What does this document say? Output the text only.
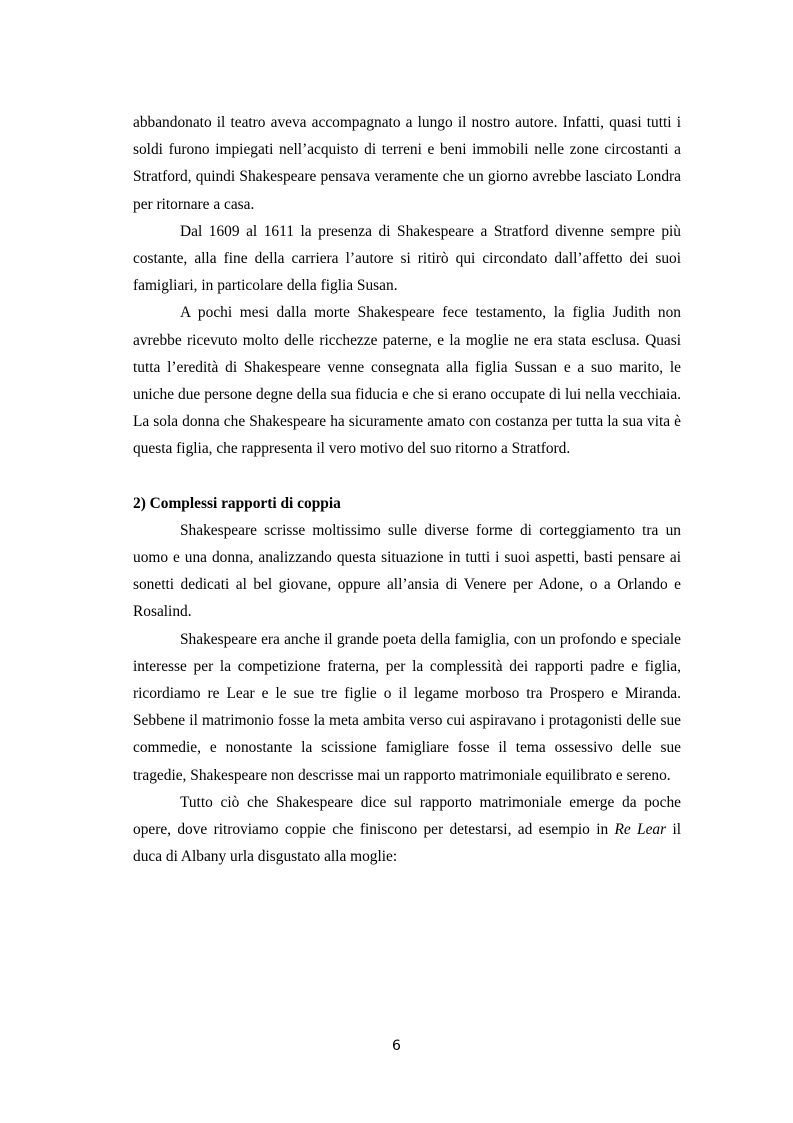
abbandonato il teatro aveva accompagnato a lungo il nostro autore. Infatti, quasi tutti i soldi furono impiegati nell’acquisto di terreni e beni immobili nelle zone circostanti a Stratford, quindi Shakespeare pensava veramente che un giorno avrebbe lasciato Londra per ritornare a casa.

Dal 1609 al 1611 la presenza di Shakespeare a Stratford divenne sempre più costante, alla fine della carriera l’autore si ritirò qui circondato dall’affetto dei suoi famigliari, in particolare della figlia Susan.

A pochi mesi dalla morte Shakespeare fece testamento, la figlia Judith non avrebbe ricevuto molto delle ricchezze paterne, e la moglie ne era stata esclusa. Quasi tutta l’eredità di Shakespeare venne consegnata alla figlia Sussan e a suo marito, le uniche due persone degne della sua fiducia e che si erano occupate di lui nella vecchiaia. La sola donna che Shakespeare ha sicuramente amato con costanza per tutta la sua vita è questa figlia, che rappresenta il vero motivo del suo ritorno a Stratford.

2) Complessi rapporti di coppia

Shakespeare scrisse moltissimo sulle diverse forme di corteggiamento tra un uomo e una donna, analizzando questa situazione in tutti i suoi aspetti, basti pensare ai sonetti dedicati al bel giovane, oppure all’ansia di Venere per Adone, o a Orlando e Rosalind.

Shakespeare era anche il grande poeta della famiglia, con un profondo e speciale interesse per la competizione fraterna, per la complessità dei rapporti padre e figlia, ricordiamo re Lear e le sue tre figlie o il legame morboso tra Prospero e Miranda. Sebbene il matrimonio fosse la meta ambita verso cui aspiravano i protagonisti delle sue commedie, e nonostante la scissione famigliare fosse il tema ossessivo delle sue tragedie, Shakespeare non descrisse mai un rapporto matrimoniale equilibrato e sereno.

Tutto ciò che Shakespeare dice sul rapporto matrimoniale emerge da poche opere, dove ritroviamo coppie che finiscono per detestarsi, ad esempio in Re Lear il duca di Albany urla disgustato alla moglie:

6
